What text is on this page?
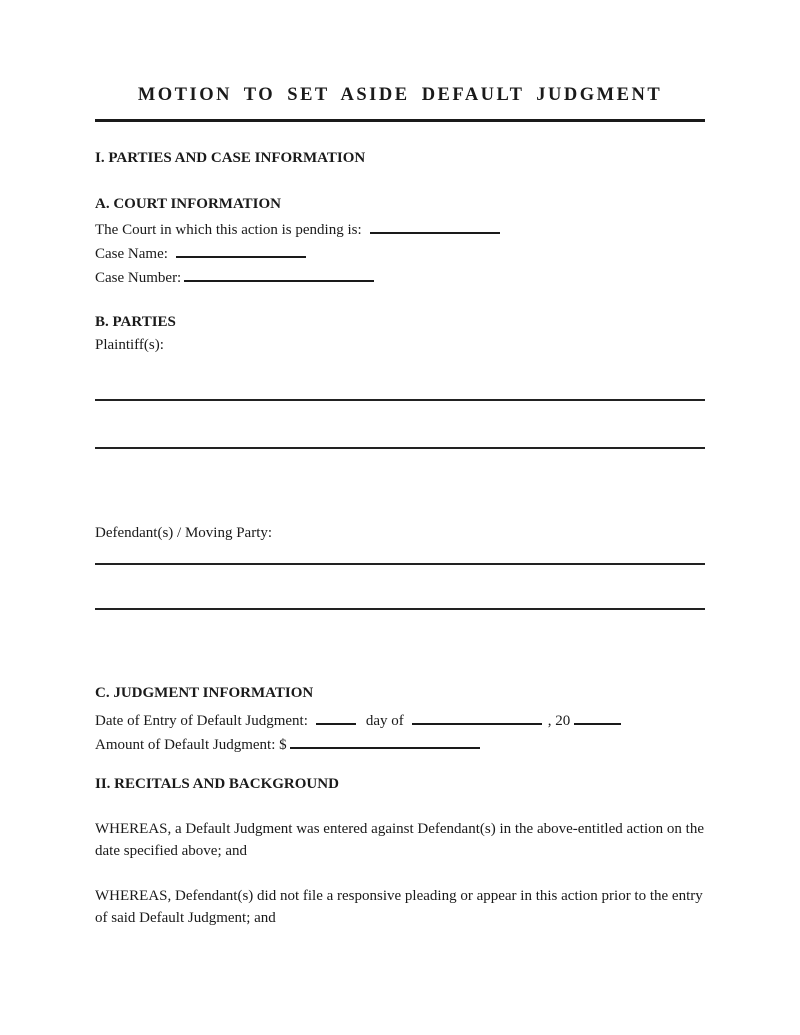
MOTION TO SET ASIDE DEFAULT JUDGMENT
I. PARTIES AND CASE INFORMATION
A. COURT INFORMATION
The Court in which this action is pending is:
Case Name:
Case Number:
B. PARTIES
Plaintiff(s):
Defendant(s) / Moving Party:
C. JUDGMENT INFORMATION
Date of Entry of Default Judgment:	day of	, 20
Amount of Default Judgment: $
II. RECITALS AND BACKGROUND

WHEREAS, a Default Judgment was entered against Defendant(s) in the above-entitled action on the date specified above; and

WHEREAS, Defendant(s) did not file a responsive pleading or appear in this action prior to the entry of said Default Judgment; and
